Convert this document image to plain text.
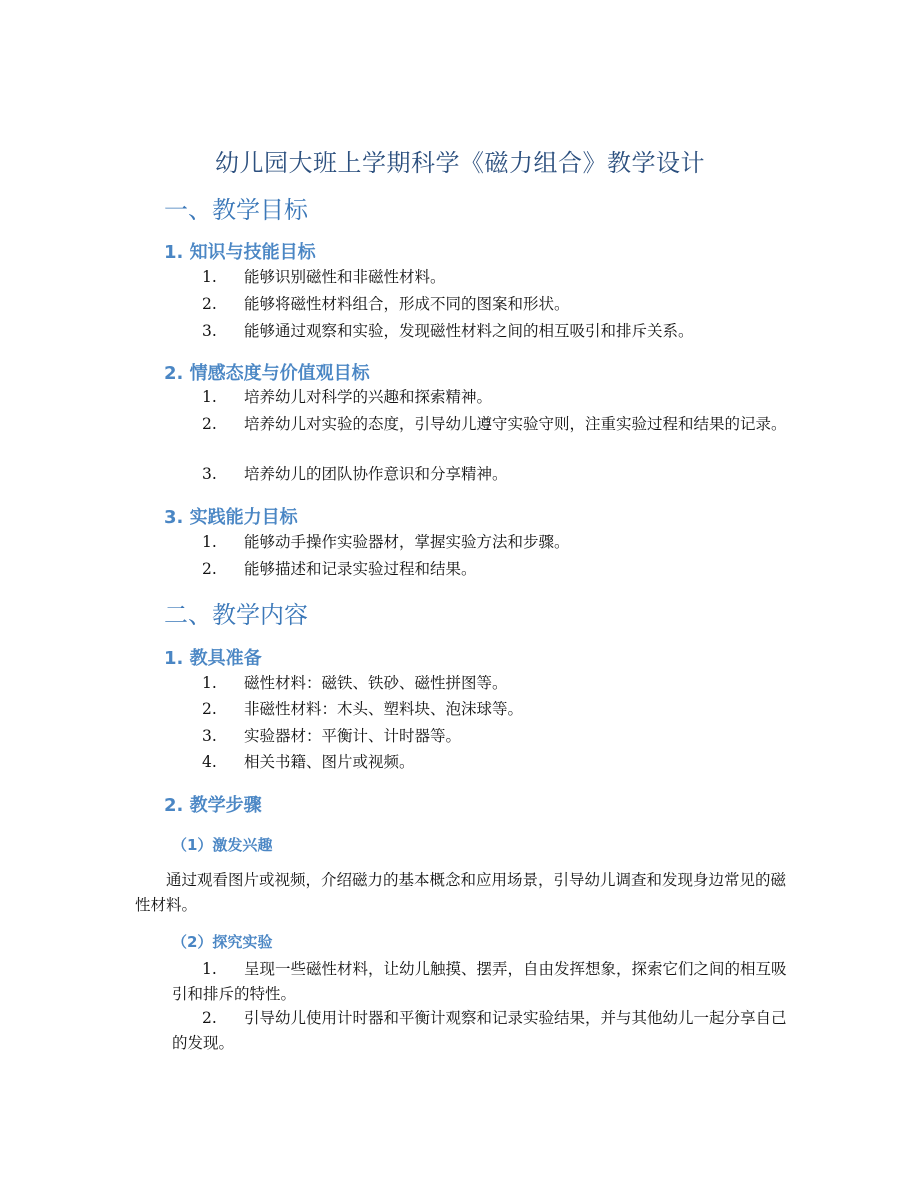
幼儿园大班上学期科学《磁力组合》教学设计
一、教学目标
1. 知识与技能目标
1.	能够识别磁性和非磁性材料。
2.	能够将磁性材料组合，形成不同的图案和形状。
3.	能够通过观察和实验，发现磁性材料之间的相互吸引和排斥关系。
2. 情感态度与价值观目标
1.	培养幼儿对科学的兴趣和探索精神。
2.	培养幼儿对实验的态度，引导幼儿遵守实验守则，注重实验过程和结果的记录。
3.	培养幼儿的团队协作意识和分享精神。
3. 实践能力目标
1.	能够动手操作实验器材，掌握实验方法和步骤。
2.	能够描述和记录实验过程和结果。
二、教学内容
1. 教具准备
1.	磁性材料：磁铁、铁砂、磁性拼图等。
2.	非磁性材料：木头、塑料块、泡沫球等。
3.	实验器材：平衡计、计时器等。
4.	相关书籍、图片或视频。
2. 教学步骤
（1）激发兴趣
通过观看图片或视频，介绍磁力的基本概念和应用场景，引导幼儿调查和发现身边常见的磁性材料。
（2）探究实验
1.	呈现一些磁性材料，让幼儿触摸、摆弄，自由发挥想象，探索它们之间的相互吸引和排斥的特性。
2.	引导幼儿使用计时器和平衡计观察和记录实验结果，并与其他幼儿一起分享自己的发现。
